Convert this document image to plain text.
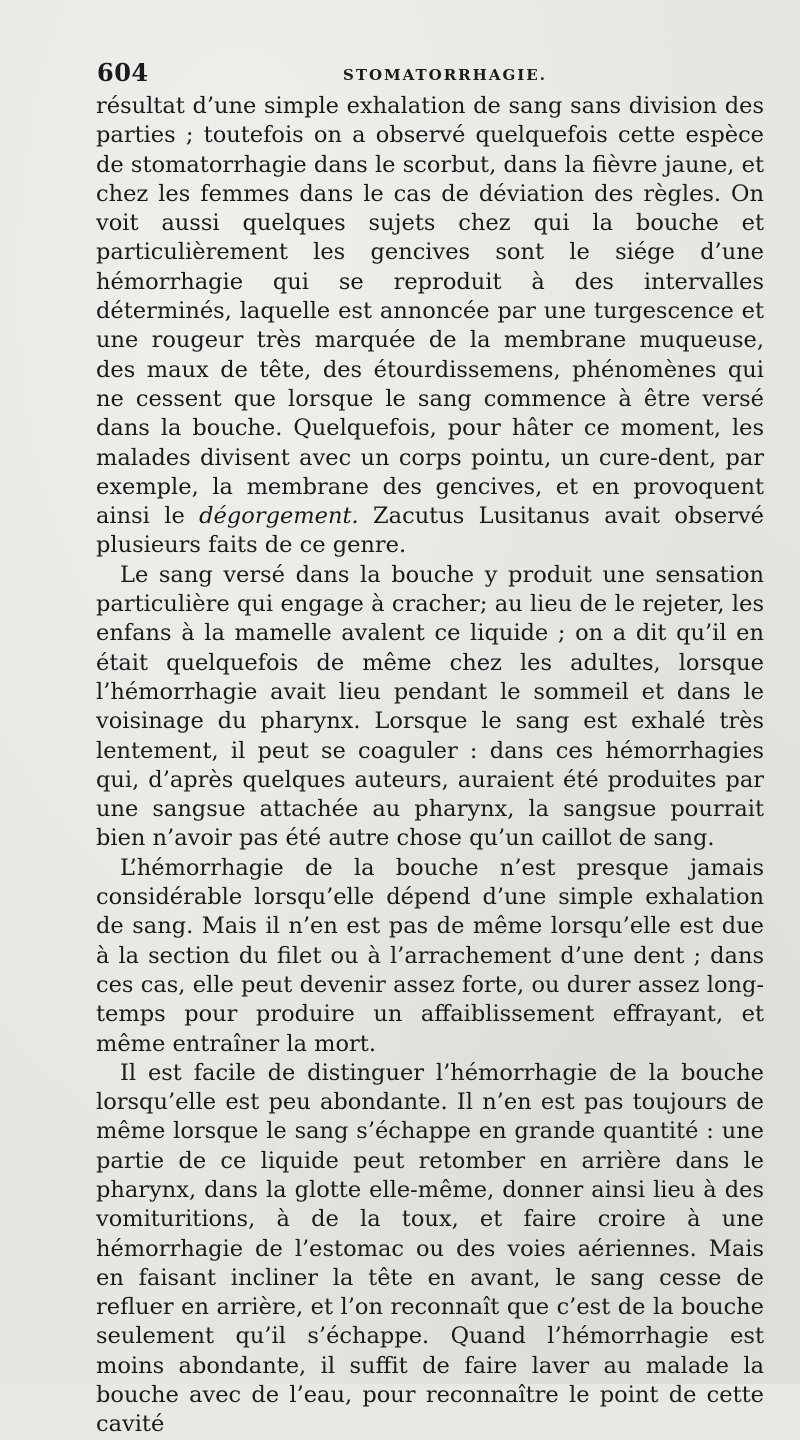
604	STOMATORRHAGIE.

résultat d’une simple exhalation de sang sans division des parties ; toutefois on a observé quelquefois cette espèce de stomatorrhagie dans le scorbut, dans la fièvre jaune, et chez les femmes dans le cas de déviation des règles. On voit aussi quelques sujets chez qui la bouche et particulièrement les gencives sont le siége d’une hémorrhagie qui se reproduit à des intervalles déterminés, laquelle est annoncée par une turgescence et une rougeur très marquée de la membrane muqueuse, des maux de tête, des étourdissemens, phénomènes qui ne cessent que lorsque le sang commence à être versé dans la bouche. Quelquefois, pour hâter ce moment, les malades divisent avec un corps pointu, un cure-dent, par exemple, la membrane des gencives, et en provoquent ainsi le dégorgement. Zacutus Lusitanus avait observé plusieurs faits de ce genre.

Le sang versé dans la bouche y produit une sensation particulière qui engage à cracher; au lieu de le rejeter, les enfans à la mamelle avalent ce liquide ; on a dit qu’il en était quelquefois de même chez les adultes, lorsque l’hémorrhagie avait lieu pendant le sommeil et dans le voisinage du pharynx. Lorsque le sang est exhalé très lentement, il peut se coaguler : dans ces hémorrhagies qui, d’après quelques auteurs, auraient été produites par une sangsue attachée au pharynx, la sangsue pourrait bien n’avoir pas été autre chose qu’un caillot de sang.

L’hémorrhagie de la bouche n’est presque jamais considérable lorsqu’elle dépend d’une simple exhalation de sang. Mais il n’en est pas de même lorsqu’elle est due à la section du filet ou à l’arrachement d’une dent ; dans ces cas, elle peut devenir assez forte, ou durer assez long-temps pour produire un affaiblissement effrayant, et même entraîner la mort.

Il est facile de distinguer l’hémorrhagie de la bouche lorsqu’elle est peu abondante. Il n’en est pas toujours de même lorsque le sang s’échappe en grande quantité : une partie de ce liquide peut retomber en arrière dans le pharynx, dans la glotte elle-même, donner ainsi lieu à des vomituritions, à de la toux, et faire croire à une hémorrhagie de l’estomac ou des voies aériennes. Mais en faisant incliner la tête en avant, le sang cesse de refluer en arrière, et l’on reconnaît que c’est de la bouche seulement qu’il s’échappe. Quand l’hémorrhagie est moins abondante, il suffit de faire laver au malade la bouche avec de l’eau, pour reconnaître le point de cette cavité
